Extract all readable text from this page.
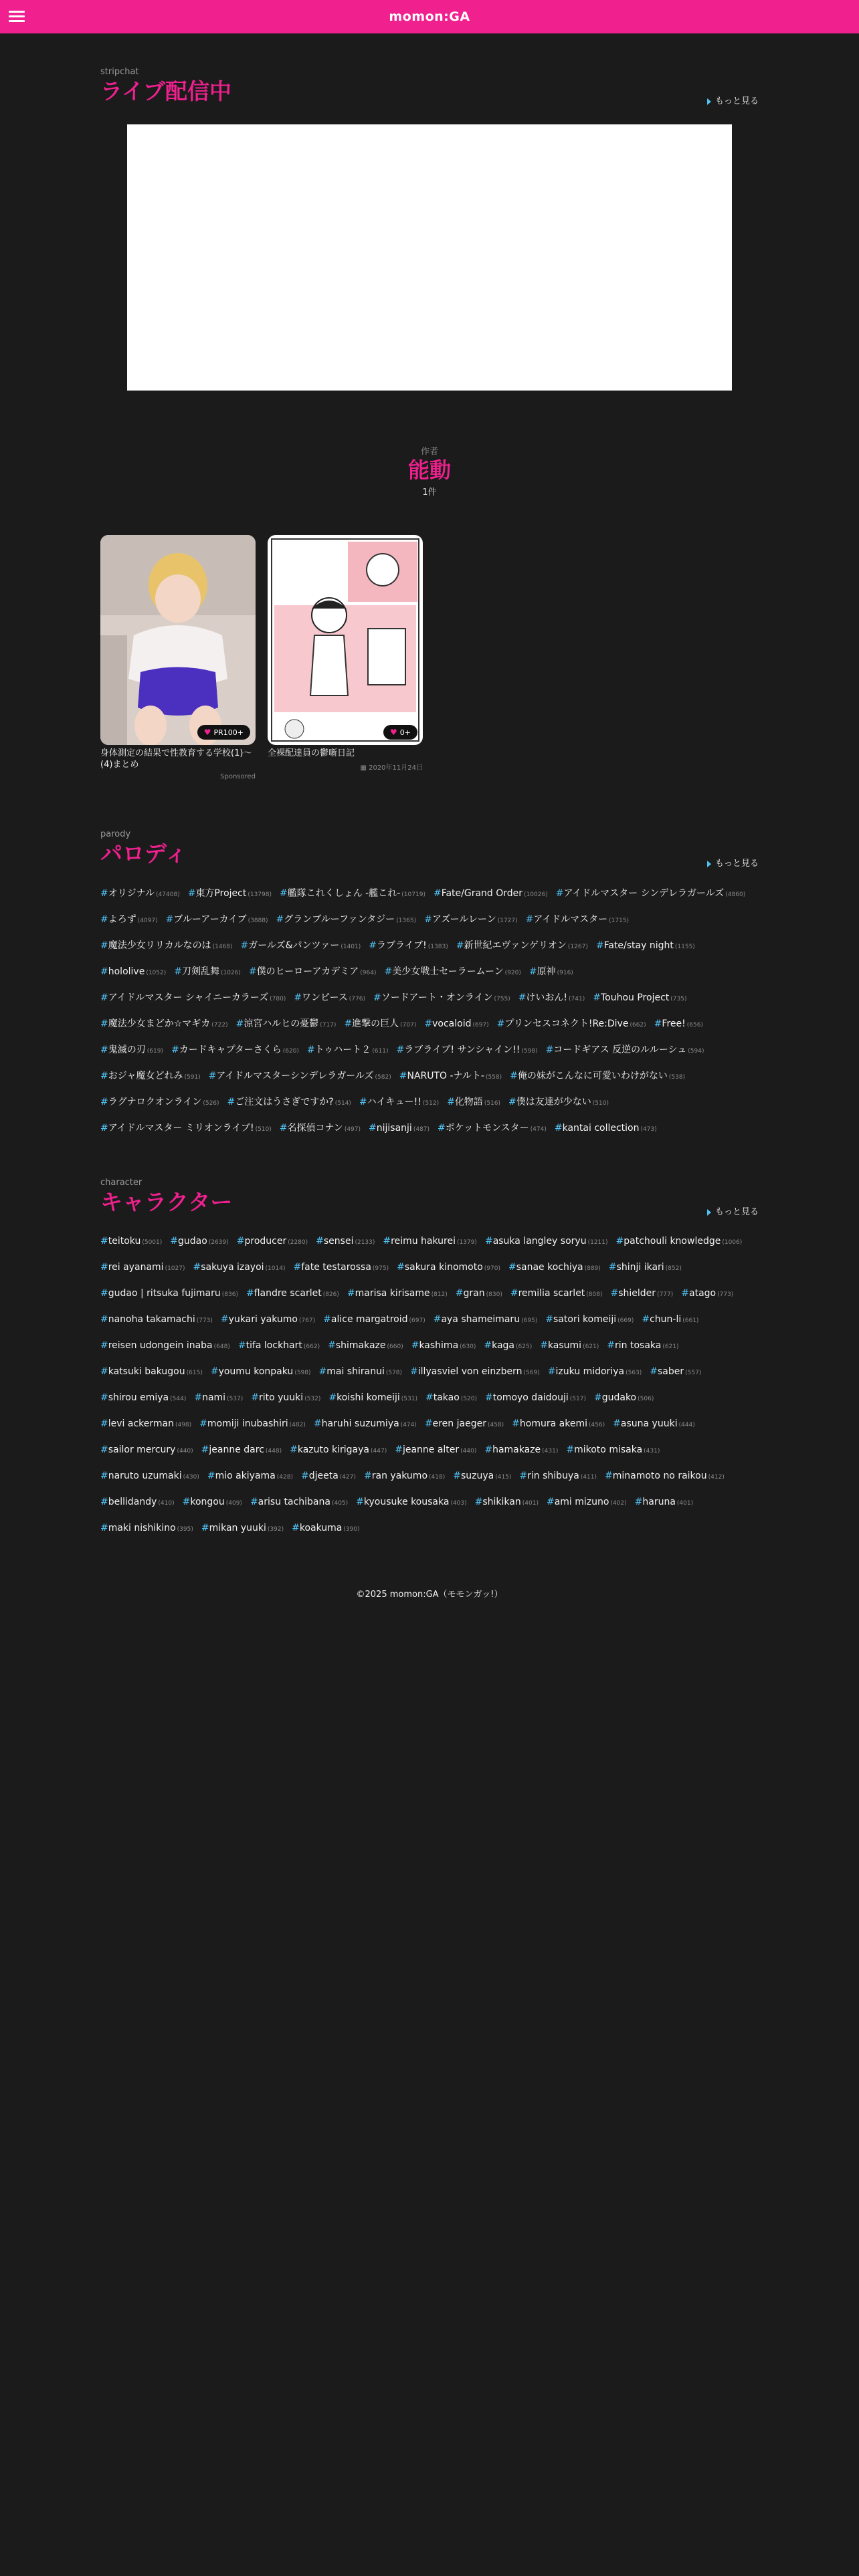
momon:GA
stripchat
ライブ配信中	もっと見る
作者
能動
1件
♥ PR100+
身体測定の結果で性教育する学校(1)〜(4)まとめ
Sponsored
♥ 0+
全裸配達員の鬱噺日記
▦ 2020年11月24日
parody
パロディ	もっと見る
#オリジナル (47408) #東方Project (13798) #艦隊これくしょん -艦これ- (10719) #Fate/Grand Order (10026) #アイドルマスター シンデレラガールズ (4860)#よろず (4097) #ブルーアーカイブ (3888) #グランブルーファンタジー (1365) #アズールレーン (1727) #アイドルマスター (1715)#魔法少女リリカルなのは (1468) #ガールズ&パンツァー (1401) #ラブライブ! (1383) #新世紀エヴァンゲリオン (1267) #Fate/stay night (1155)#hololive (1052) #刀剣乱舞 (1026) #僕のヒーローアカデミア (964) #美少女戦士セーラームーン (920) #原神 (916)#アイドルマスター シャイニーカラーズ (780) #ワンピース (776) #ソードアート・オンライン (755) #けいおん! (741) #Touhou Project (735)#魔法少女まどか☆マギカ (722) #涼宮ハルヒの憂鬱 (717) #進撃の巨人 (707) #vocaloid (697) #プリンセスコネクト!Re:Dive (662) #Free! (656)#鬼滅の刃 (619) #カードキャプターさくら (620) #トゥハート２ (611) #ラブライブ! サンシャイン!! (598) #コードギアス 反逆のルルーシュ (594)#おジャ魔女どれみ (591) #アイドルマスターシンデレラガールズ (582) #NARUTO -ナルト- (558) #俺の妹がこんなに可愛いわけがない (538)#ラグナロクオンライン (526) #ご注文はうさぎですか? (514) #ハイキュー!! (512) #化物語 (516) #僕は友達が少ない (510)#アイドルマスター ミリオンライブ! (510) #名探偵コナン (497) #nijisanji (487) #ポケットモンスター (474) #kantai collection (473)
character
キャラクター	もっと見る
#teitoku (5001) #gudao (2639) #producer (2280) #sensei (2133) #reimu hakurei (1379) #asuka langley soryu (1211) #patchouli knowledge (1006)#rei ayanami (1027) #sakuya izayoi (1014) #fate testarossa (975) #sakura kinomoto (970) #sanae kochiya (889) #shinji ikari (852)#gudao | ritsuka fujimaru (836) #flandre scarlet (826) #marisa kirisame (812) #gran (830) #remilia scarlet (808) #shielder (777) #atago (773)#nanoha takamachi (773) #yukari yakumo (767) #alice margatroid (697) #aya shameimaru (695) #satori komeiji (669) #chun-li (661)#reisen udongein inaba (648) #tifa lockhart (662) #shimakaze (660) #kashima (630) #kaga (625) #kasumi (621) #rin tosaka (621)#katsuki bakugou (615) #youmu konpaku (598) #mai shiranui (578) #illyasviel von einzbern (569) #izuku midoriya (563) #saber (557)#shirou emiya (544) #nami (537) #rito yuuki (532) #koishi komeiji (531) #takao (520) #tomoyo daidouji (517) #gudako (506)#levi ackerman (498) #momiji inubashiri (482) #haruhi suzumiya (474) #eren jaeger (458) #homura akemi (456) #asuna yuuki (444)#sailor mercury (440) #jeanne darc (448) #kazuto kirigaya (447) #jeanne alter (440) #hamakaze (431) #mikoto misaka (431)#naruto uzumaki (430) #mio akiyama (428) #djeeta (427) #ran yakumo (418) #suzuya (415) #rin shibuya (411) #minamoto no raikou (412)#bellidandy (410) #kongou (409) #arisu tachibana (405) #kyousuke kousaka (403) #shikikan (401) #ami mizuno (402) #haruna (401)#maki nishikino (395) #mikan yuuki (392) #koakuma (390)
©2025 momon:GA（モモンガッ!）
